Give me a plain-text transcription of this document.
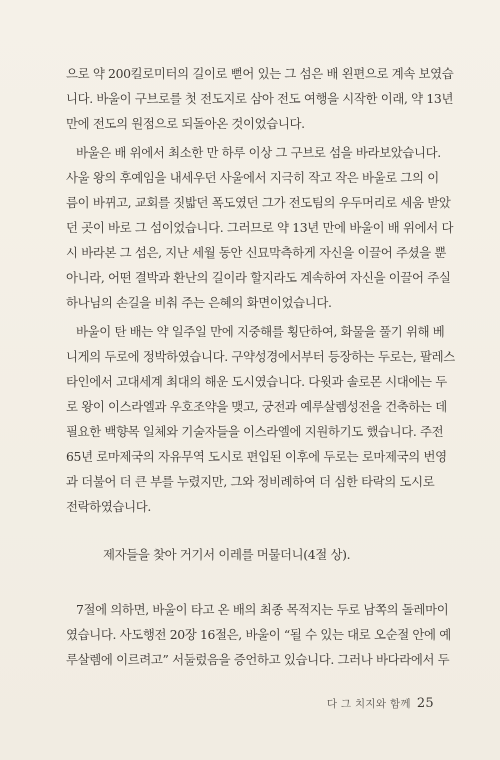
으로 약 200킬로미터의 길이로 뻗어 있는 그 섬은 배 왼편으로 계속 보였습
니다. 바울이 구브로를 첫 전도지로 삼아 전도 여행을 시작한 이래, 약 13년
만에 전도의 원점으로 되돌아온 것이었습니다.
바울은 배 위에서 최소한 만 하루 이상 그 구브로 섬을 바라보았습니다.
사울 왕의 후예임을 내세우던 사울에서 지극히 작고 작은 바울로 그의 이
름이 바뀌고, 교회를 짓밟던 폭도였던 그가 전도팀의 우두머리로 세움 받았
던 곳이 바로 그 섬이었습니다. 그러므로 약 13년 만에 바울이 배 위에서 다
시 바라본 그 섬은, 지난 세월 동안 신묘막측하게 자신을 이끌어 주셨을 뿐
아니라, 어떤 결박과 환난의 길이라 할지라도 계속하여 자신을 이끌어 주실
하나님의 손길을 비춰 주는 은혜의 화면이었습니다.
바울이 탄 배는 약 일주일 만에 지중해를 횡단하여, 화물을 풀기 위해 베
니게의 두로에 정박하였습니다. 구약성경에서부터 등장하는 두로는, 팔레스
타인에서 고대세계 최대의 해운 도시였습니다. 다윗과 솔로몬 시대에는 두
로 왕이 이스라엘과 우호조약을 맺고, 궁전과 예루살렘성전을 건축하는 데
필요한 백향목 일체와 기술자들을 이스라엘에 지원하기도 했습니다. 주전
65년 로마제국의 자유무역 도시로 편입된 이후에 두로는 로마제국의 번영
과 더불어 더 큰 부를 누렸지만, 그와 정비례하여 더 심한 타락의 도시로
전락하였습니다.
제자들을 찾아 거기서 이레를 머물더니(4절 상).
7절에 의하면, 바울이 타고 온 배의 최종 목적지는 두로 남쪽의 돌레마이
였습니다. 사도행전 20장 16절은, 바울이 “될 수 있는 대로 오순절 안에 예
루살렘에 이르려고” 서둘렀음을 증언하고 있습니다. 그러나 바다라에서 두
다 그 치지와 함께 25
